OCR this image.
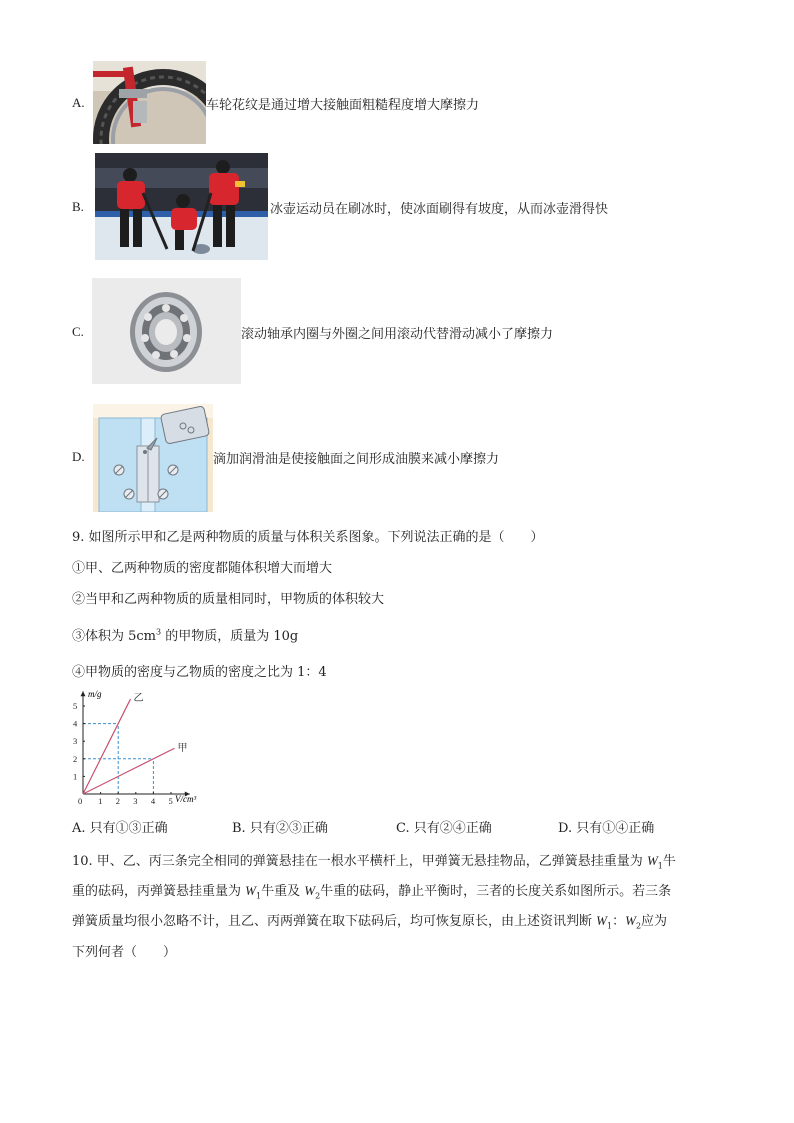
A.	车轮花纹是通过增大接触面粗糙程度增大摩擦力
B.	冰壶运动员在刷冰时，使冰面刷得有坡度，从而冰壶滑得快
C.	滚动轴承内圈与外圈之间用滚动代替滑动减小了摩擦力
D.	滴加润滑油是使接触面之间形成油膜来减小摩擦力
9. 如图所示甲和乙是两种物质的质量与体积关系图象。下列说法正确的是（　　）
①甲、乙两种物质的密度都随体积增大而增大
②当甲和乙两种物质的质量相同时，甲物质的体积较大
③体积为 $5cm^3$ 的甲物质，质量为 10g
④甲物质的密度与乙物质的密度之比为 1：4
乙
甲
0 1 2 3 4 5
1
2
3
4
5
m/g
V/cm³
A. 只有①③正确	B. 只有②③正确	C. 只有②④正确	D. 只有①④正确
10. 甲、乙、丙三条完全相同的弹簧悬挂在一根水平横杆上，甲弹簧无悬挂物品，乙弹簧悬挂重量为 $W_1$牛
重的砝码，丙弹簧悬挂重量为 $W_1$牛重及 $W_2$牛重的砝码，静止平衡时，三者的长度关系如图所示。若三条
弹簧质量均很小忽略不计，且乙、丙两弹簧在取下砝码后，均可恢复原长，由上述资讯判断 $W_1$：$W_2$应为
下列何者（　　）
